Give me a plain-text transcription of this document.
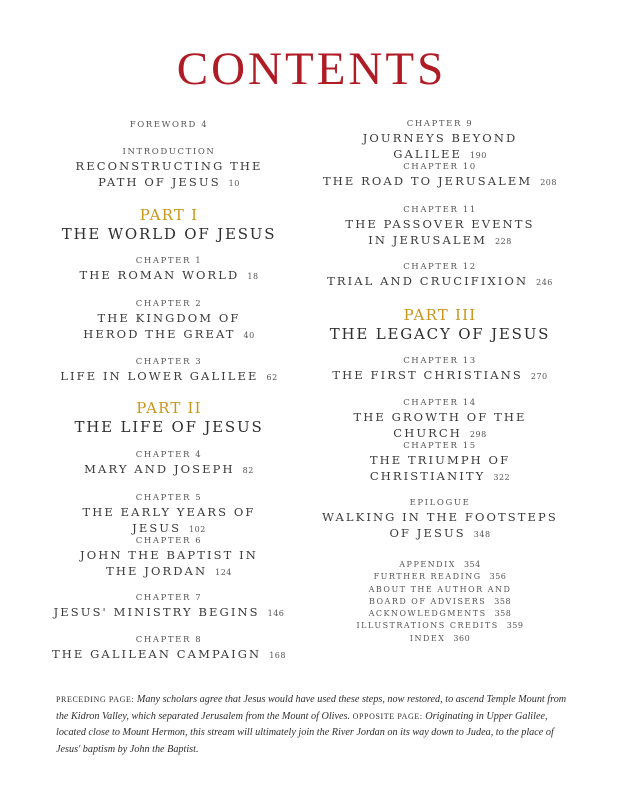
CONTENTS
FOREWORD 4
INTRODUCTION
RECONSTRUCTING THE
PATH OF JESUS 10
PART I
THE WORLD OF JESUS
CHAPTER 1
THE ROMAN WORLD 18
CHAPTER 2
THE KINGDOM OF
HEROD THE GREAT 40
CHAPTER 3
LIFE IN LOWER GALILEE 62
PART II
THE LIFE OF JESUS
CHAPTER 4
MARY AND JOSEPH 82
CHAPTER 5
THE EARLY YEARS OF JESUS 102
CHAPTER 6
JOHN THE BAPTIST IN
THE JORDAN 124
CHAPTER 7
JESUS' MINISTRY BEGINS 146
CHAPTER 8
THE GALILEAN CAMPAIGN 168
CHAPTER 9
JOURNEYS BEYOND GALILEE 190
CHAPTER 10
THE ROAD TO JERUSALEM 208
CHAPTER 11
THE PASSOVER EVENTS
IN JERUSALEM 228
CHAPTER 12
TRIAL AND CRUCIFIXION 246
PART III
THE LEGACY OF JESUS
CHAPTER 13
THE FIRST CHRISTIANS 270
CHAPTER 14
THE GROWTH OF THE CHURCH 298
CHAPTER 15
THE TRIUMPH OF
CHRISTIANITY 322
EPILOGUE
WALKING IN THE FOOTSTEPS
OF JESUS 348
APPENDIX 354
FURTHER READING 356
ABOUT THE AUTHOR AND
BOARD OF ADVISERS 358
ACKNOWLEDGMENTS 358
ILLUSTRATIONS CREDITS 359
INDEX 360
PRECEDING PAGE: Many scholars agree that Jesus would have used these steps, now restored, to ascend Temple Mount from the Kidron Valley, which separated Jerusalem from the Mount of Olives. OPPOSITE PAGE: Originating in Upper Galilee, located close to Mount Hermon, this stream will ultimately join the River Jordan on its way down to Judea, to the place of Jesus' baptism by John the Baptist.
